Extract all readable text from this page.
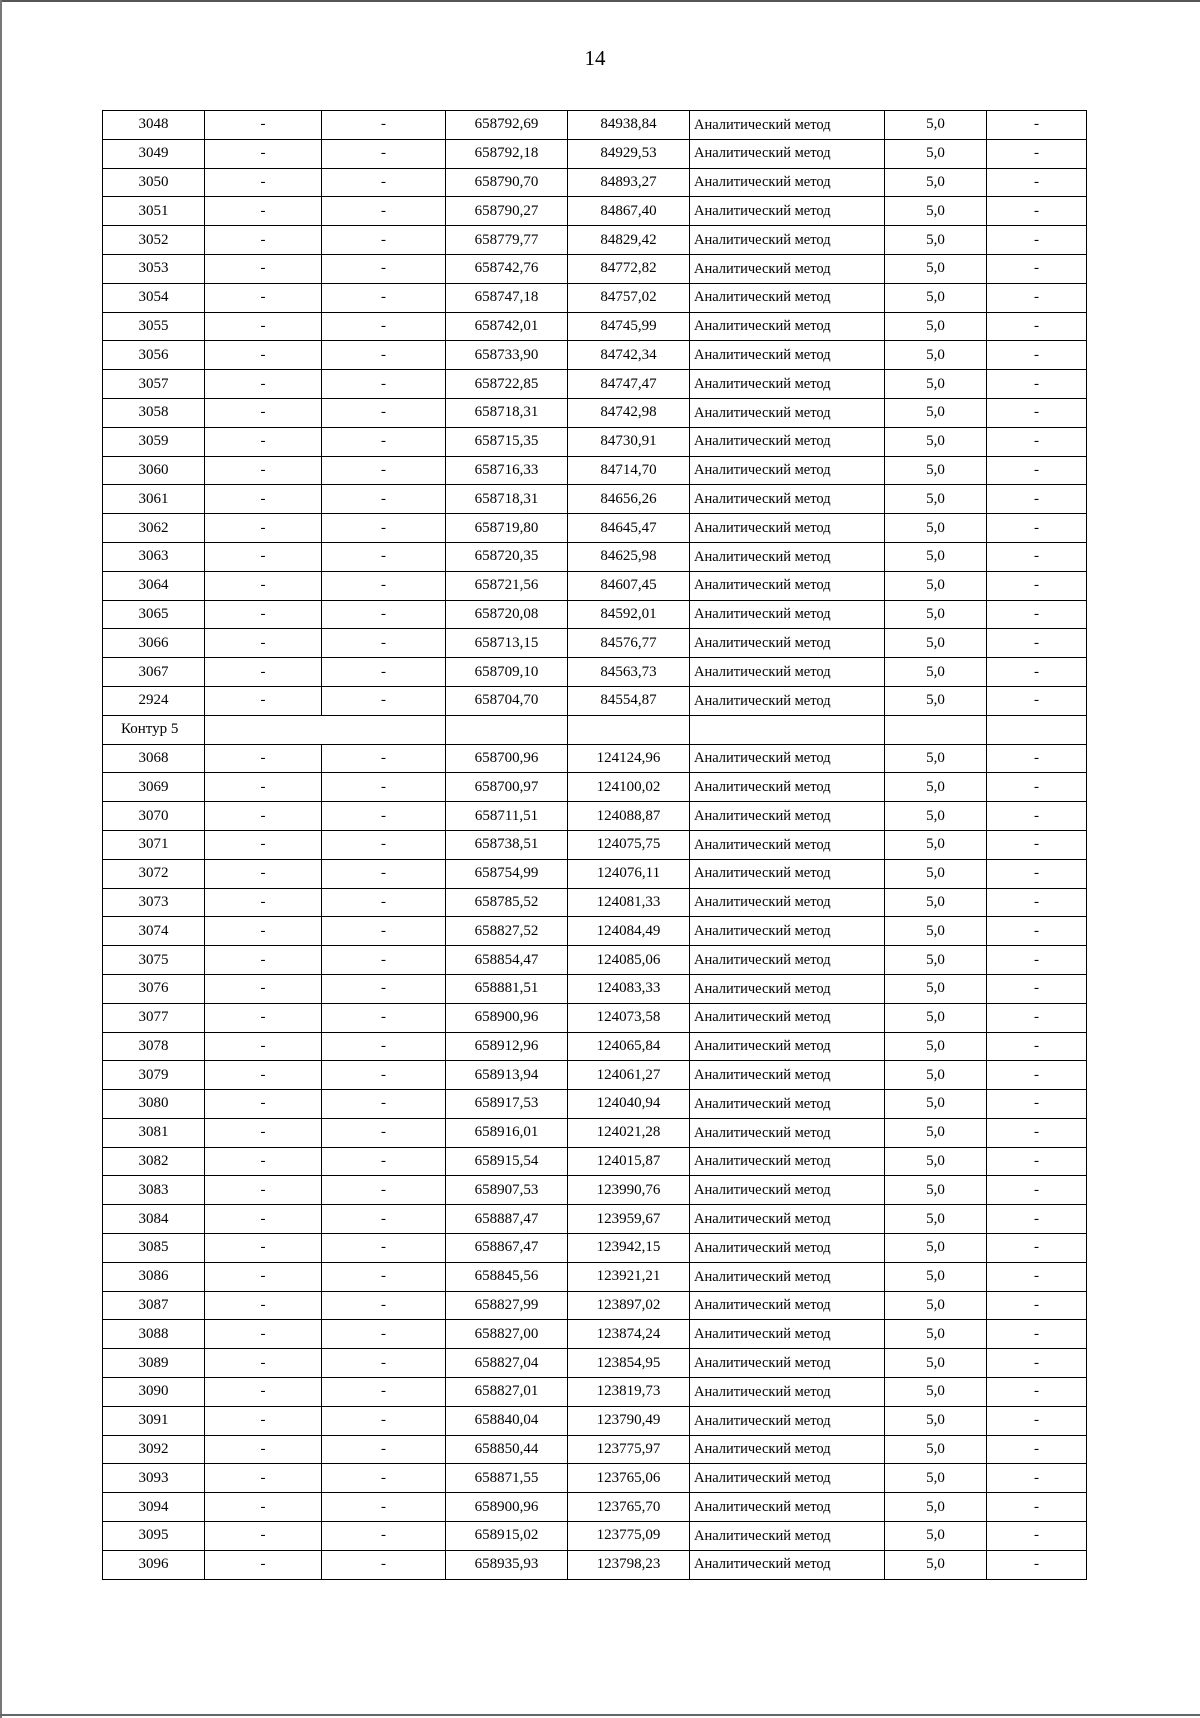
14
3048	-	-	658792,69	84938,84	Аналитический метод	5,0	-
3049	-	-	658792,18	84929,53	Аналитический метод	5,0	-
3050	-	-	658790,70	84893,27	Аналитический метод	5,0	-
3051	-	-	658790,27	84867,40	Аналитический метод	5,0	-
3052	-	-	658779,77	84829,42	Аналитический метод	5,0	-
3053	-	-	658742,76	84772,82	Аналитический метод	5,0	-
3054	-	-	658747,18	84757,02	Аналитический метод	5,0	-
3055	-	-	658742,01	84745,99	Аналитический метод	5,0	-
3056	-	-	658733,90	84742,34	Аналитический метод	5,0	-
3057	-	-	658722,85	84747,47	Аналитический метод	5,0	-
3058	-	-	658718,31	84742,98	Аналитический метод	5,0	-
3059	-	-	658715,35	84730,91	Аналитический метод	5,0	-
3060	-	-	658716,33	84714,70	Аналитический метод	5,0	-
3061	-	-	658718,31	84656,26	Аналитический метод	5,0	-
3062	-	-	658719,80	84645,47	Аналитический метод	5,0	-
3063	-	-	658720,35	84625,98	Аналитический метод	5,0	-
3064	-	-	658721,56	84607,45	Аналитический метод	5,0	-
3065	-	-	658720,08	84592,01	Аналитический метод	5,0	-
3066	-	-	658713,15	84576,77	Аналитический метод	5,0	-
3067	-	-	658709,10	84563,73	Аналитический метод	5,0	-
2924	-	-	658704,70	84554,87	Аналитический метод	5,0	-
Контур 5							
3068	-	-	658700,96	124124,96	Аналитический метод	5,0	-
3069	-	-	658700,97	124100,02	Аналитический метод	5,0	-
3070	-	-	658711,51	124088,87	Аналитический метод	5,0	-
3071	-	-	658738,51	124075,75	Аналитический метод	5,0	-
3072	-	-	658754,99	124076,11	Аналитический метод	5,0	-
3073	-	-	658785,52	124081,33	Аналитический метод	5,0	-
3074	-	-	658827,52	124084,49	Аналитический метод	5,0	-
3075	-	-	658854,47	124085,06	Аналитический метод	5,0	-
3076	-	-	658881,51	124083,33	Аналитический метод	5,0	-
3077	-	-	658900,96	124073,58	Аналитический метод	5,0	-
3078	-	-	658912,96	124065,84	Аналитический метод	5,0	-
3079	-	-	658913,94	124061,27	Аналитический метод	5,0	-
3080	-	-	658917,53	124040,94	Аналитический метод	5,0	-
3081	-	-	658916,01	124021,28	Аналитический метод	5,0	-
3082	-	-	658915,54	124015,87	Аналитический метод	5,0	-
3083	-	-	658907,53	123990,76	Аналитический метод	5,0	-
3084	-	-	658887,47	123959,67	Аналитический метод	5,0	-
3085	-	-	658867,47	123942,15	Аналитический метод	5,0	-
3086	-	-	658845,56	123921,21	Аналитический метод	5,0	-
3087	-	-	658827,99	123897,02	Аналитический метод	5,0	-
3088	-	-	658827,00	123874,24	Аналитический метод	5,0	-
3089	-	-	658827,04	123854,95	Аналитический метод	5,0	-
3090	-	-	658827,01	123819,73	Аналитический метод	5,0	-
3091	-	-	658840,04	123790,49	Аналитический метод	5,0	-
3092	-	-	658850,44	123775,97	Аналитический метод	5,0	-
3093	-	-	658871,55	123765,06	Аналитический метод	5,0	-
3094	-	-	658900,96	123765,70	Аналитический метод	5,0	-
3095	-	-	658915,02	123775,09	Аналитический метод	5,0	-
3096	-	-	658935,93	123798,23	Аналитический метод	5,0	-
